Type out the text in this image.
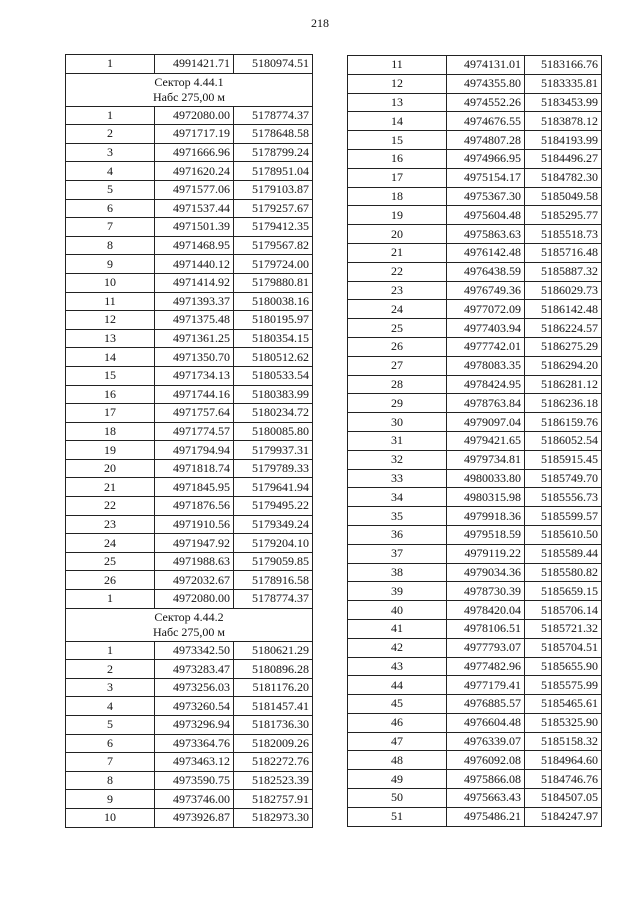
218
1	4991421.71	5180974.51

Сектор 4.44.1
Набс 275,00 м		

1	4972080.00	5178774.37
2	4971717.19	5178648.58
3	4971666.96	5178799.24
4	4971620.24	5178951.04
5	4971577.06	5179103.87
6	4971537.44	5179257.67
7	4971501.39	5179412.35
8	4971468.95	5179567.82
9	4971440.12	5179724.00
10	4971414.92	5179880.81
11	4971393.37	5180038.16
12	4971375.48	5180195.97
13	4971361.25	5180354.15
14	4971350.70	5180512.62
15	4971734.13	5180533.54
16	4971744.16	5180383.99
17	4971757.64	5180234.72
18	4971774.57	5180085.80
19	4971794.94	5179937.31
20	4971818.74	5179789.33
21	4971845.95	5179641.94
22	4971876.56	5179495.22
23	4971910.56	5179349.24
24	4971947.92	5179204.10
25	4971988.63	5179059.85
26	4972032.67	5178916.58
1	4972080.00	5178774.37

Сектор 4.44.2
Набс 275,00 м		

1	4973342.50	5180621.29
2	4973283.47	5180896.28
3	4973256.03	5181176.20
4	4973260.54	5181457.41
5	4973296.94	5181736.30
6	4973364.76	5182009.26
7	4973463.12	5182272.76
8	4973590.75	5182523.39
9	4973746.00	5182757.91
10	4973926.87	5182973.30
11	4974131.01	5183166.76
12	4974355.80	5183335.81
13	4974552.26	5183453.99
14	4974676.55	5183878.12
15	4974807.28	5184193.99
16	4974966.95	5184496.27
17	4975154.17	5184782.30
18	4975367.30	5185049.58
19	4975604.48	5185295.77
20	4975863.63	5185518.73
21	4976142.48	5185716.48
22	4976438.59	5185887.32
23	4976749.36	5186029.73
24	4977072.09	5186142.48
25	4977403.94	5186224.57
26	4977742.01	5186275.29
27	4978083.35	5186294.20
28	4978424.95	5186281.12
29	4978763.84	5186236.18
30	4979097.04	5186159.76
31	4979421.65	5186052.54
32	4979734.81	5185915.45
33	4980033.80	5185749.70
34	4980315.98	5185556.73
35	4979918.36	5185599.57
36	4979518.59	5185610.50
37	4979119.22	5185589.44
38	4979034.36	5185580.82
39	4978730.39	5185659.15
40	4978420.04	5185706.14
41	4978106.51	5185721.32
42	4977793.07	5185704.51
43	4977482.96	5185655.90
44	4977179.41	5185575.99
45	4976885.57	5185465.61
46	4976604.48	5185325.90
47	4976339.07	5185158.32
48	4976092.08	5184964.60
49	4975866.08	5184746.76
50	4975663.43	5184507.05
51	4975486.21	5184247.97
